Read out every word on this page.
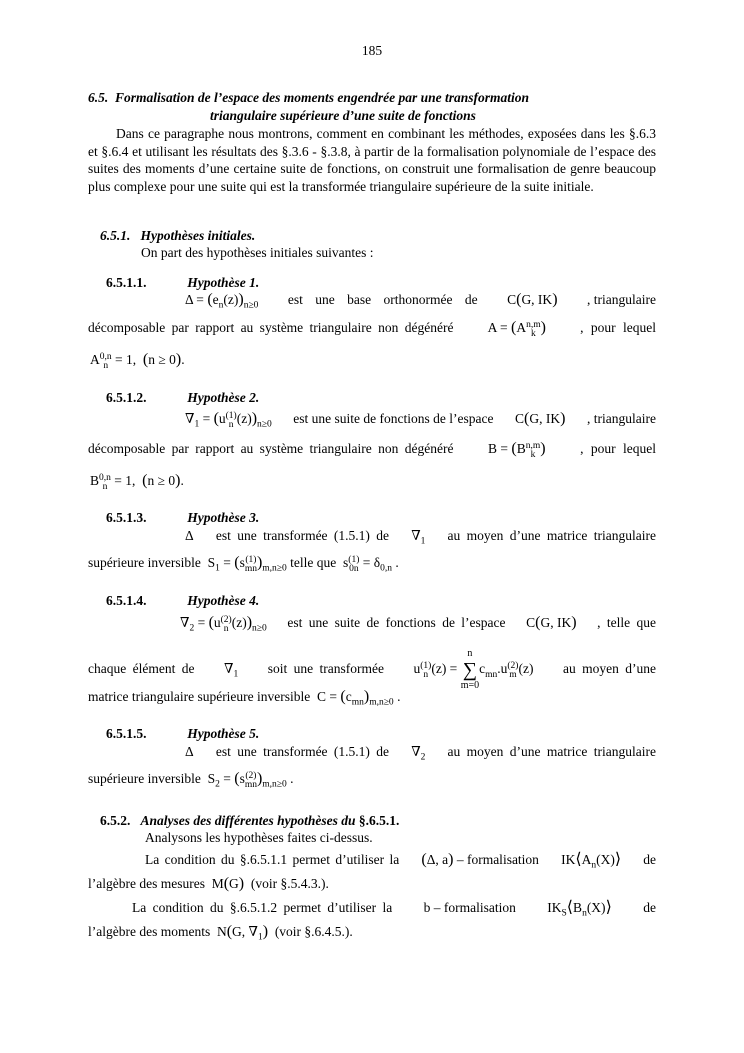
185
6.5. Formalisation de l’espace des moments engendrée par une transformation
triangulaire supérieure d’une suite de fonctions
Dans ce paragraphe nous montrons, comment en combinant les méthodes, exposées dans les §.6.3 et §.6.4 et utilisant les résultats des §.3.6 - §.3.8, à partir de la formalisation polynomiale de l’espace des suites des moments d’une certaine suite de fonctions, on construit une formalisation de genre beaucoup plus complexe pour une suite qui est la transformée triangulaire supérieure de la suite initiale.
6.5.1. Hypothèses initiales.
On part des hypothèses initiales suivantes :
6.5.1.1.	Hypothèse 1.
$\Delta = (e_n(z))_{n\ge 0}$ est une base orthonormée de C(G, IK) , triangulaire
décomposable par rapport au système triangulaire non dégénéré	A = (An,m
k )	, pour lequel
A0,n
n = 1,  (n ≥ 0).
6.5.1.2.	Hypothèse 2.
$\nabla_1 = (u(1)$
n $(z))_{n\ge 0}$ est une suite de fonctions de l’espace C(G, IK) , triangulaire
décomposable par rapport au système triangulaire non dégénéré	B = (Bn,m
k )	, pour lequel
B0,n
n = 1,  (n ≥ 0).
6.5.1.3.	Hypothèse 3.
Δ est une transformée (1.5.1) de $\nabla_1$ au moyen d’une matrice triangulaire
supérieure inversible  $S_1 = (s(1)$
$mn)_{m,n\ge 0}$ telle que  s(1)
$0n = \delta_{0,n}$ .
6.5.1.4.	Hypothèse 4.
$\nabla_2 = (u(2)$
n $(z))_{n\ge 0}$ est une suite de fonctions de l’espace C(G, IK) , telle que
chaque élément de $\nabla_1$ soit une transformée u(1)
n (z) = n
∑
$m=0c_{mn}.u(2)$
m (z) au moyen d’une
matrice triangulaire supérieure inversible  $C = (c_{mn})_{m,n\ge 0}$ .
6.5.1.5.	Hypothèse 5.
Δ est une transformée (1.5.1) de $\nabla_2$ au moyen d’une matrice triangulaire
supérieure inversible  $S_2 = (s(2)$
$mn)_{m,n\ge 0}$ .
6.5.2. Analyses des différentes hypothèses du §.6.5.1.
Analysons les hypothèses faites ci-dessus.
La condition du §.6.5.1.1 permet d’utiliser la (Δ, a) – formalisation $IK⟨A_n(X)⟩$ de
l’algèbre des mesures  M(G) (voir §.5.4.3.).
La condition du §.6.5.1.2 permet d’utiliser la b – formalisation $IK_S⟨B_n(X)⟩$ de
l’algèbre des moments  N(G, $\nabla_1$) (voir §.6.4.5.).
